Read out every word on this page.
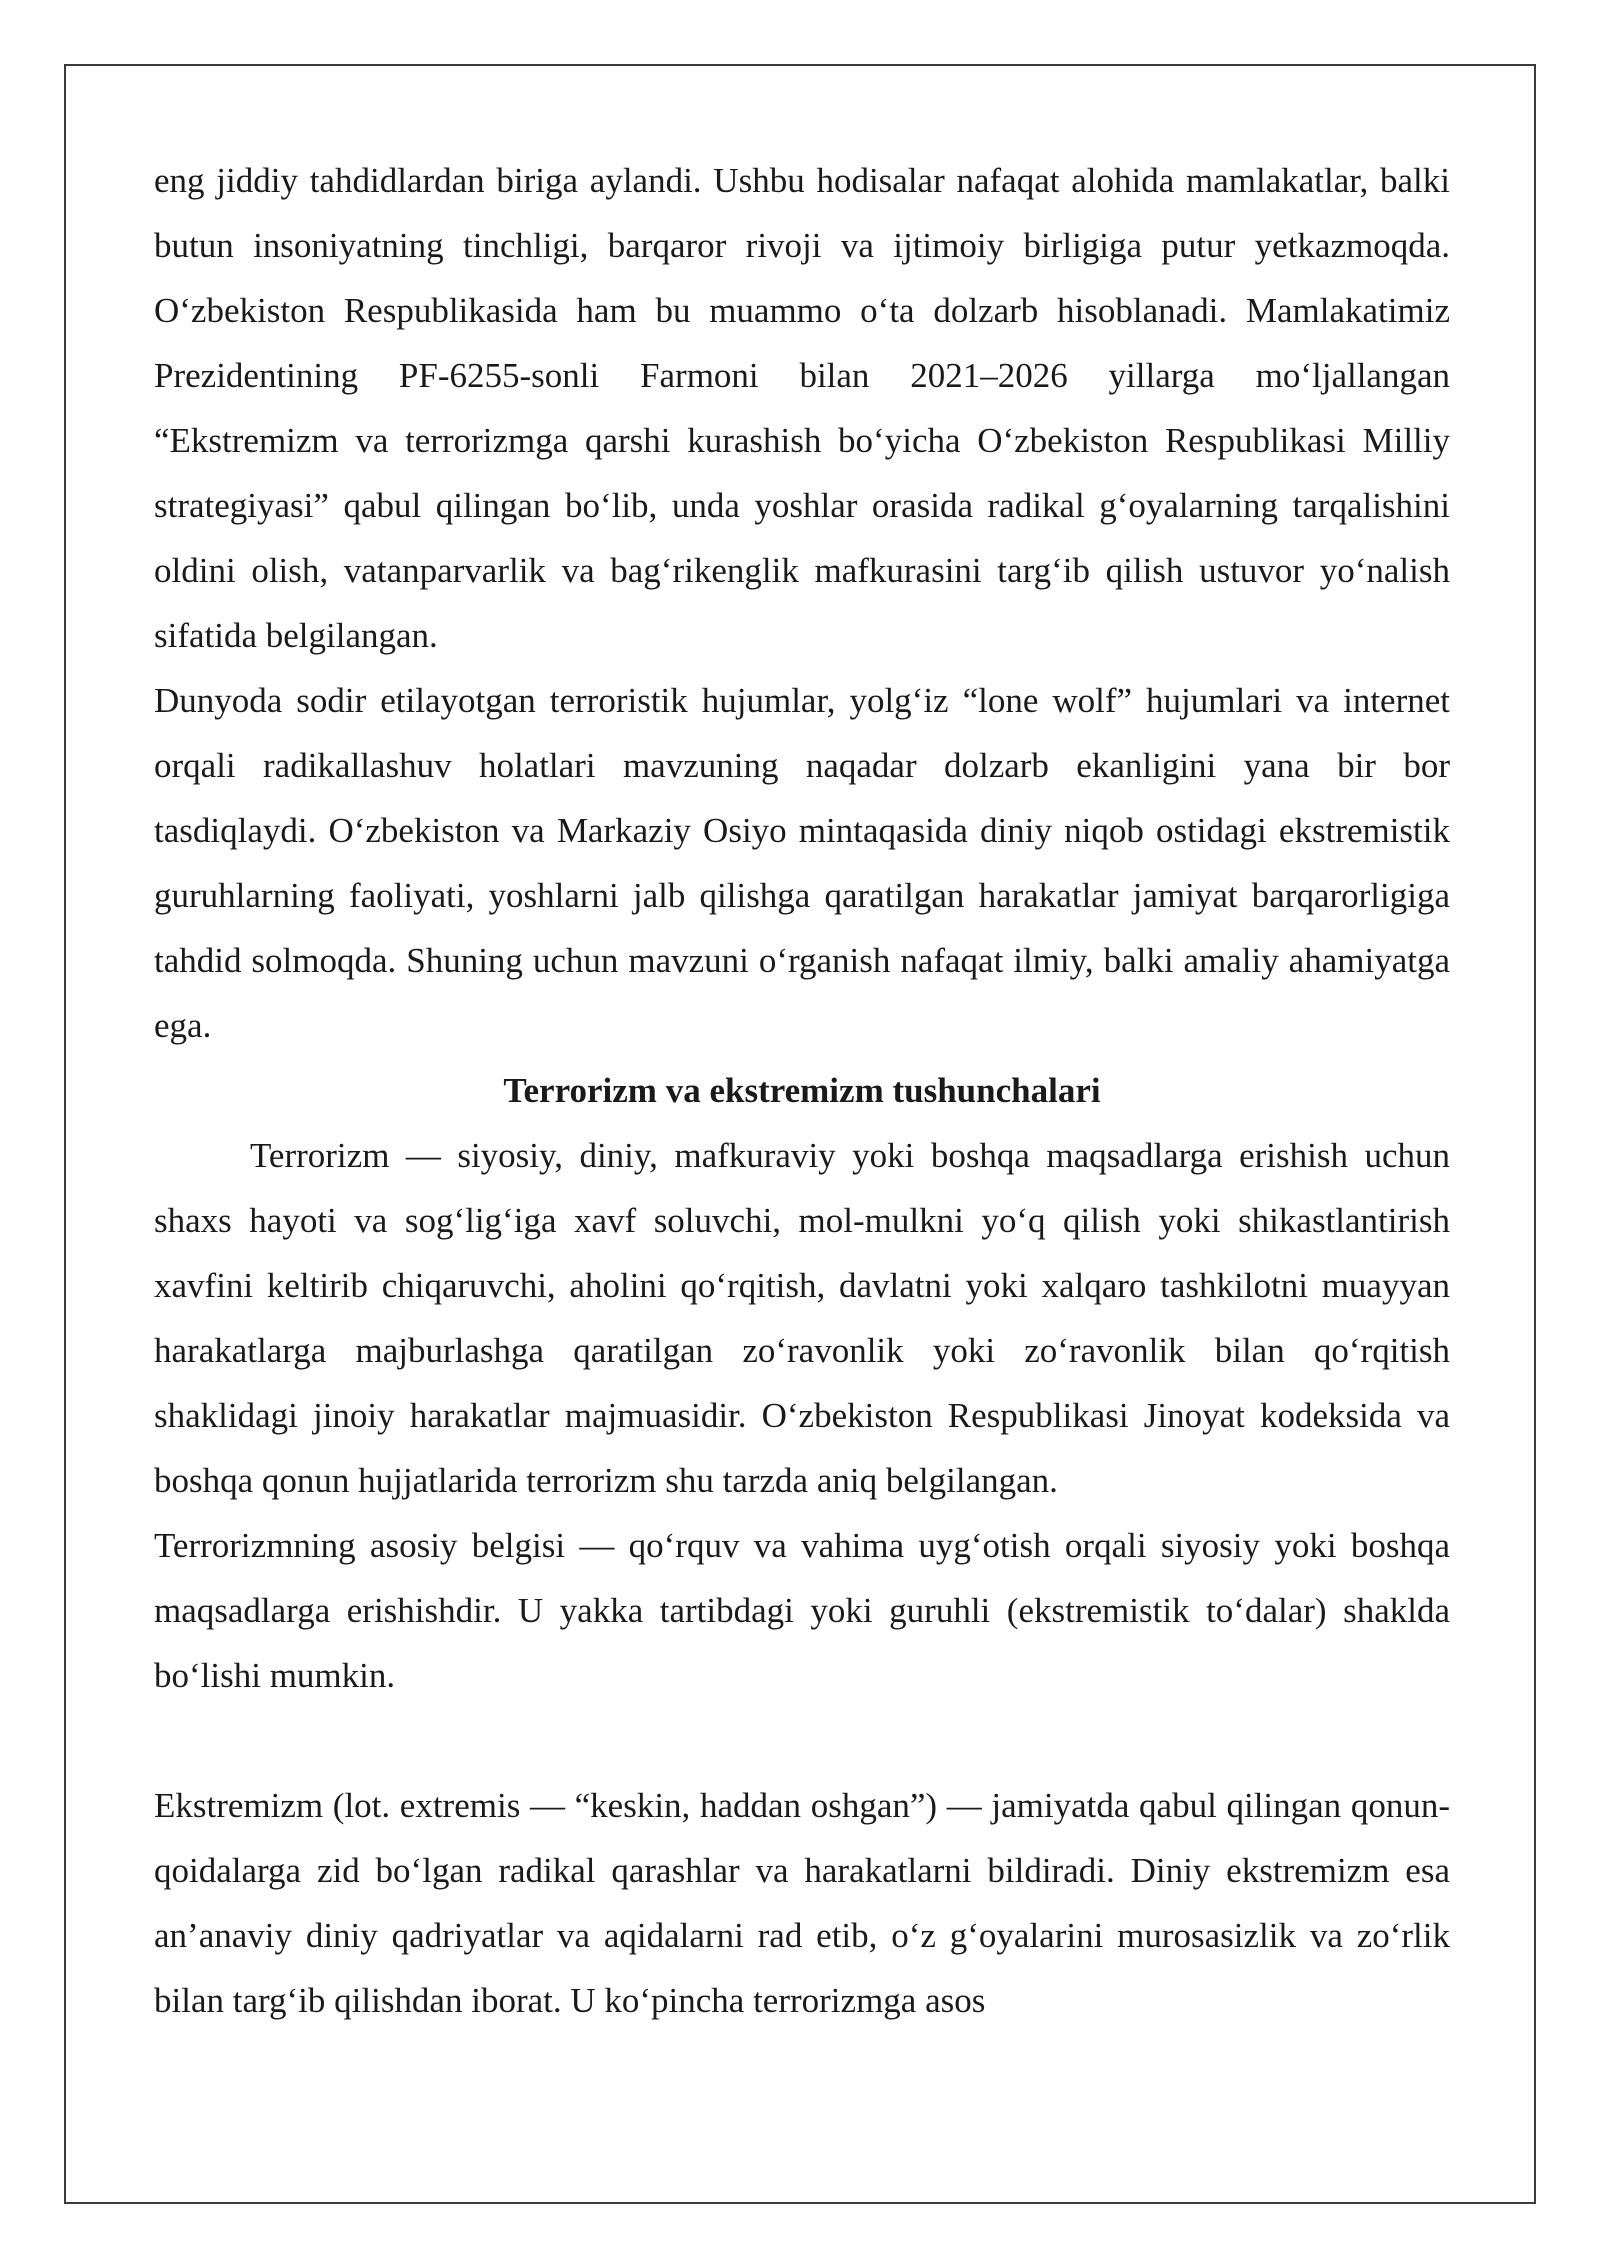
eng jiddiy tahdidlardan biriga aylandi. Ushbu hodisalar nafaqat alohida mamlakatlar, balki butun insoniyatning tinchligi, barqaror rivoji va ijtimoiy birligiga putur yetkazmoqda. O‘zbekiston Respublikasida ham bu muammo o‘ta dolzarb hisoblanadi. Mamlakatimiz Prezidentining PF-6255-sonli Farmoni bilan 2021–2026 yillarga mo‘ljallangan “Ekstremizm va terrorizmga qarshi kurashish bo‘yicha O‘zbekiston Respublikasi Milliy strategiyasi” qabul qilingan bo‘lib, unda yoshlar orasida radikal g‘oyalarning tarqalishini oldini olish, vatanparvarlik va bag‘rikenglik mafkurasini targ‘ib qilish ustuvor yo‘nalish sifatida belgilangan.

Dunyoda sodir etilayotgan terroristik hujumlar, yolg‘iz “lone wolf” hujumlari va internet orqali radikallashuv holatlari mavzuning naqadar dolzarb ekanligini yana bir bor tasdiqlaydi. O‘zbekiston va Markaziy Osiyo mintaqasida diniy niqob ostidagi ekstremistik guruhlarning faoliyati, yoshlarni jalb qilishga qaratilgan harakatlar jamiyat barqarorligiga tahdid solmoqda. Shuning uchun mavzuni o‘rganish nafaqat ilmiy, balki amaliy ahamiyatga ega.

Terrorizm va ekstremizm tushunchalari

Terrorizm — siyosiy, diniy, mafkuraviy yoki boshqa maqsadlarga erishish uchun shaxs hayoti va sog‘lig‘iga xavf soluvchi, mol-mulkni yo‘q qilish yoki shikastlantirish xavfini keltirib chiqaruvchi, aholini qo‘rqitish, davlatni yoki xalqaro tashkilotni muayyan harakatlarga majburlashga qaratilgan zo‘ravonlik yoki zo‘ravonlik bilan qo‘rqitish shaklidagi jinoiy harakatlar majmuasidir. O‘zbekiston Respublikasi Jinoyat kodeksida va boshqa qonun hujjatlarida terrorizm shu tarzda aniq belgilangan.

Terrorizmning asosiy belgisi — qo‘rquv va vahima uyg‘otish orqali siyosiy yoki boshqa maqsadlarga erishishdir. U yakka tartibdagi yoki guruhli (ekstremistik to‘dalar) shaklda bo‘lishi mumkin.

Ekstremizm (lot. extremis — “keskin, haddan oshgan”) — jamiyatda qabul qilingan qonun-qoidalarga zid bo‘lgan radikal qarashlar va harakatlarni bildiradi. Diniy ekstremizm esa an’anaviy diniy qadriyatlar va aqidalarni rad etib, o‘z g‘oyalarini murosasizlik va zo‘rlik bilan targ‘ib qilishdan iborat. U ko‘pincha terrorizmga asos
